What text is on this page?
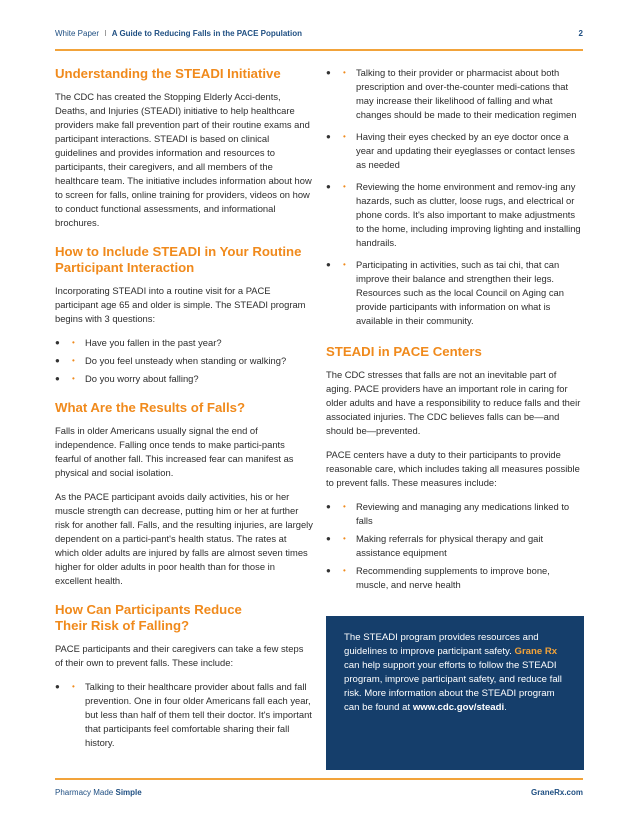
White Paper I A Guide to Reducing Falls in the PACE Population	2
Understanding the STEADI Initiative

The CDC has created the Stopping Elderly Acci-dents, Deaths, and Injuries (STEADI) initiative to help healthcare providers make fall prevention part of their routine exams and participant interactions. STEADI is based on clinical guidelines and provides information and resources to participants, their caregivers, and all members of the healthcare team. The initiative includes information about how to screen for falls, online training for providers, videos on how to conduct functional assessments, and informational brochures.

How to Include STEADI in Your Routine
Participant Interaction

Incorporating STEADI into a routine visit for a PACE participant age 65 and older is simple. The STEADI program begins with 3 questions:

● • Have you fallen in the past year?
● • Do you feel unsteady when standing or walking?
● • Do you worry about falling?
What Are the Results of Falls?

Falls in older Americans usually signal the end of independence. Falling once tends to make partici-pants fearful of another fall. This increased fear can manifest as physical and social isolation.

As the PACE participant avoids daily activities, his or her muscle strength can decrease, putting him or her at further risk for another fall. Falls, and the resulting injuries, are largely dependent on a partici-pant's health status. The rates at which older adults are injured by falls are almost seven times higher for older adults in poor health than for those in excellent health.

How Can Participants Reduce
Their Risk of Falling?

PACE participants and their caregivers can take a few steps of their own to prevent falls. These include:

● • Talking to their healthcare provider about falls and fall prevention. One in four older Americans fall each year, but less than half of them tell their doctor. It's important that participants feel comfortable sharing their fall history.
● • Talking to their provider or pharmacist about both prescription and over-the-counter medi-cations that may increase their likelihood of falling and what changes should be made to their medication regimen
● • Having their eyes checked by an eye doctor once a year and updating their eyeglasses or contact lenses as needed
● • Reviewing the home environment and remov-ing any hazards, such as clutter, loose rugs, and electrical or phone cords. It's also important to make adjustments to the home, including improving lighting and installing handrails.
● • Participating in activities, such as tai chi, that can improve their balance and strengthen their legs. Resources such as the local Council on Aging can provide participants with information on what is available in their community.
STEADI in PACE Centers

The CDC stresses that falls are not an inevitable part of aging. PACE providers have an important role in caring for older adults and have a responsibility to reduce falls and their associated injuries. The CDC believes falls can be—and should be—prevented.

PACE centers have a duty to their participants to provide reasonable care, which includes taking all measures possible to prevent falls. These measures include:

● • Reviewing and managing any medications linked to falls
● • Making referrals for physical therapy and gait assistance equipment
● • Recommending supplements to improve bone, muscle, and nerve health

The STEADI program provides resources and guidelines to improve participant safety. Grane Rx can help support your efforts to follow the STEADI program, improve participant safety, and reduce fall risk. More information about the STEADI program can be found at www.cdc.gov/steadi.

Pharmacy Made Simple	GraneRx.com
